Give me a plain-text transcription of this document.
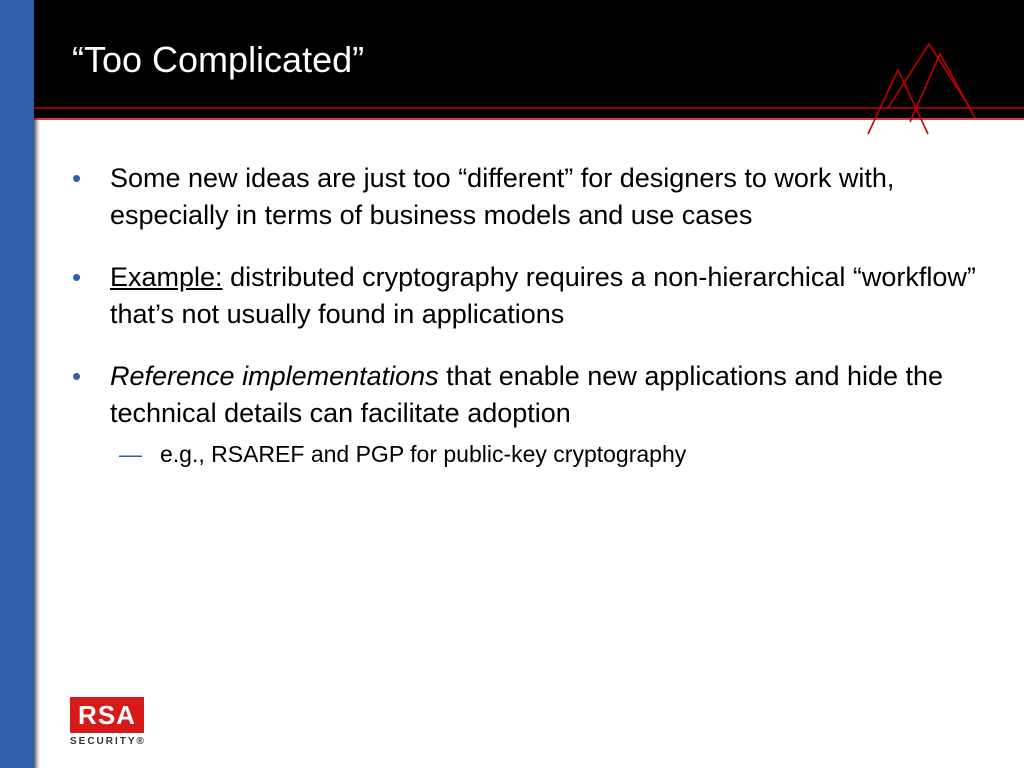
“Too Complicated”
• Some new ideas are just too “different” for designers to work with, especially in terms of business models and use cases
• Example: distributed cryptography requires a non-hierarchical “workflow” that’s not usually found in applications
• Reference implementations that enable new applications and hide the technical details can facilitate adoption
— e.g., RSAREF and PGP for public-key cryptography
RSA
SECURITY®
